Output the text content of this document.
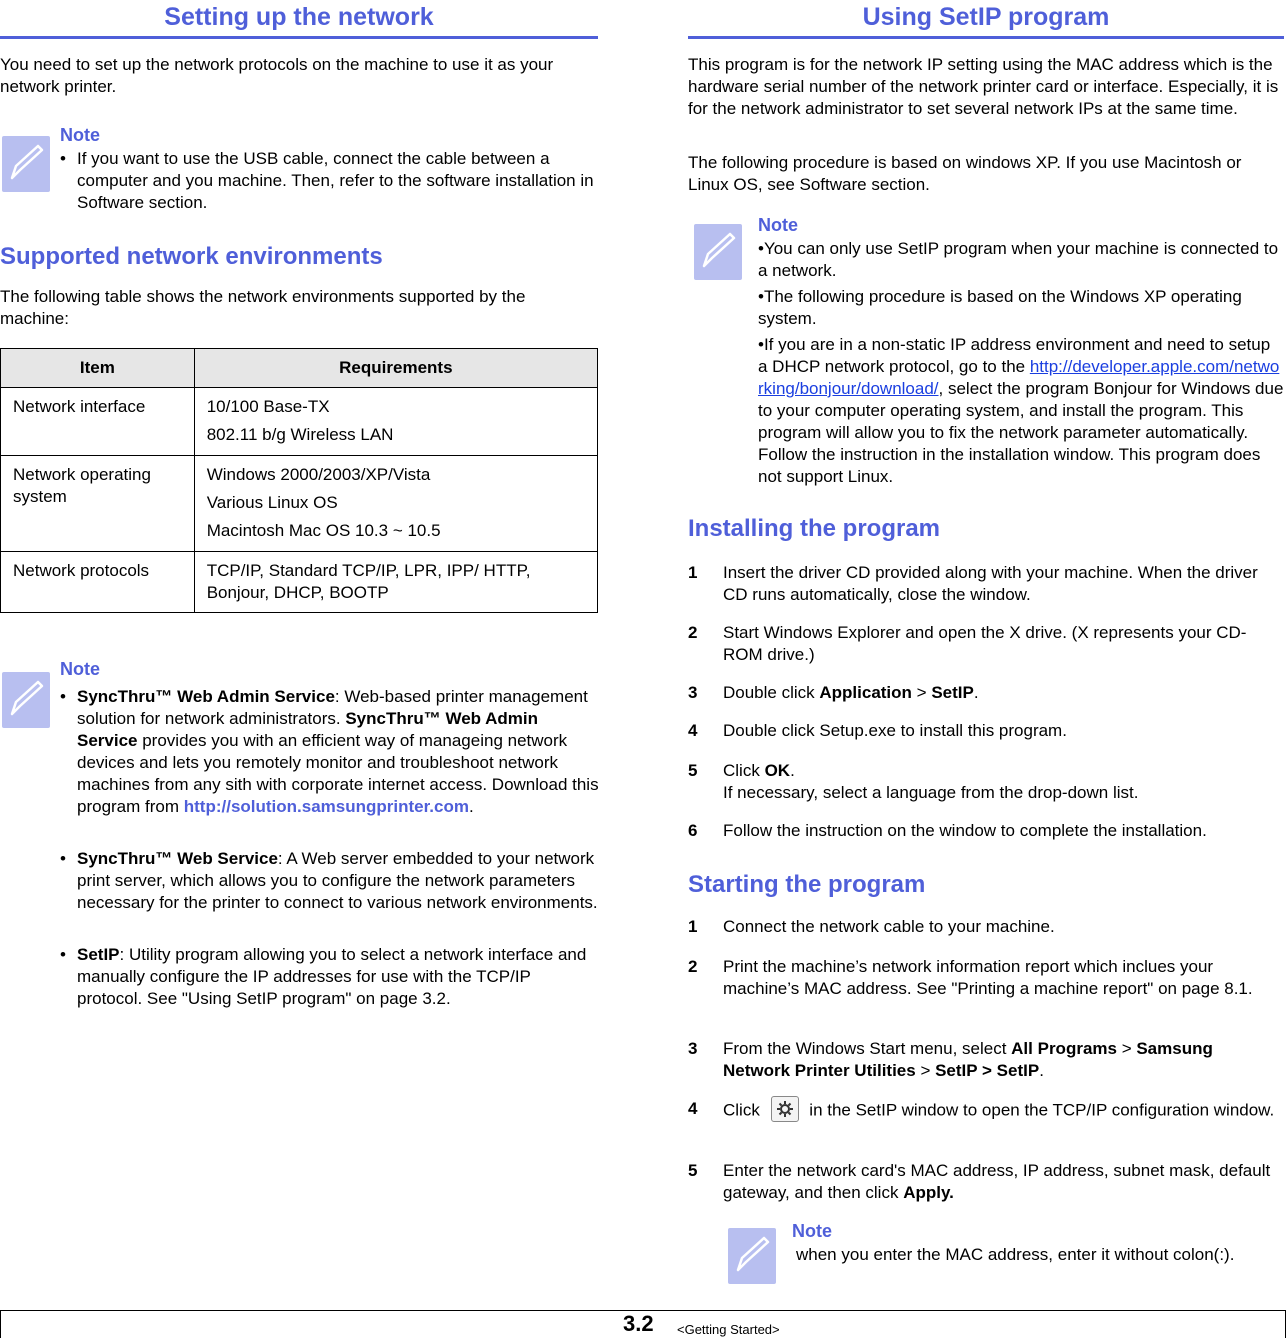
Setting up the network
You need to set up the network protocols on the machine to use it as your network printer.
Note
• If you want to use the USB cable, connect the cable between a computer and you machine. Then, refer to the software installation in Software section.
Supported network environments
The following table shows the network environments supported by the machine:
Item	Requirements
Network interface	10/100 Base-TX

802.11 b/g Wireless LAN

Network operating system	Windows 2000/2003/XP/Vista

Various Linux OS

Macintosh Mac OS 10.3 ~ 10.5

Network protocols	TCP/IP, Standard TCP/IP, LPR, IPP/ HTTP, Bonjour, DHCP, BOOTP

Note
• SyncThru™ Web Admin Service: Web-based printer management solution for network administrators. SyncThru™ Web Admin Service provides you with an efficient way of manageing network devices and lets you remotely monitor and troubleshoot network machines from any sith with corporate internet access. Download this program from http://solution.samsungprinter.com.
• SyncThru™ Web Service: A Web server embedded to your network print server, which allows you to configure the network parameters necessary for the printer to connect to various network environments.
• SetIP: Utility program allowing you to select a network interface and manually configure the IP addresses for use with the TCP/IP protocol. See "Using SetIP program" on page 3.2.
Using SetIP program
This program is for the network IP setting using the MAC address which is the hardware serial number of the network printer card or interface. Especially, it is for the network administrator to set several network IPs at the same time.
The following procedure is based on windows XP. If you use Macintosh or Linux OS, see Software section.
Note
•You can only use SetIP program when your machine is connected to a network.
•The following procedure is based on the Windows XP operating system.
•If you are in a non-static IP address environment and need to setup a DHCP network protocol, go to the http://developer.apple.com/networking/bonjour/download/, select the program Bonjour for Windows due to your computer operating system, and install the program. This program will allow you to fix the network parameter automatically. Follow the instruction in the installation window. This program does not support Linux.
Installing the program
1 Insert the driver CD provided along with your machine. When the driver CD runs automatically, close the window.
2 Start Windows Explorer and open the X drive. (X represents your CD-ROM drive.)
3 Double click Application > SetIP.
4 Double click Setup.exe to install this program.
5 Click OK.
If necessary, select a language from the drop-down list.
6 Follow the instruction on the window to complete the installation.
Starting the program
1 Connect the network cable to your machine.
2 Print the machine’s network information report which inclues your machine’s MAC address. See "Printing a machine report" on page 8.1.
3 From the Windows Start menu, select All Programs > Samsung Network Printer Utilities > SetIP > SetIP.
4 Click  in the SetIP window to open the TCP/IP configuration window.
5 Enter the network card's MAC address, IP address, subnet mask, default gateway, and then click Apply.
Note
when you enter the MAC address, enter it without colon(:).
3.2 <Getting Started>
